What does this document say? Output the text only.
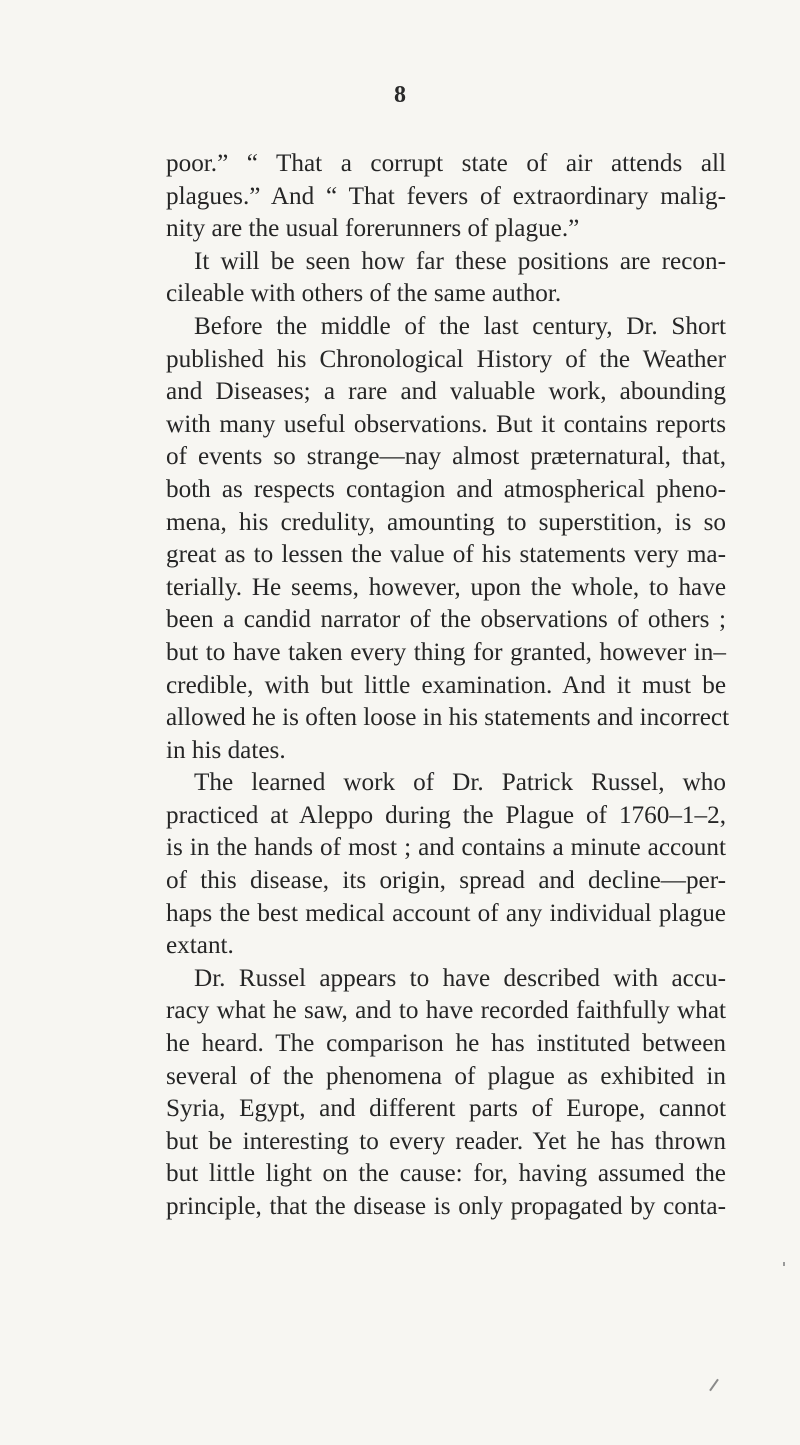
8
poor.” “ That a corrupt state of air attends all
plagues.” And “ That fevers of extraordinary malig-
nity are the usual forerunners of plague.”
It will be seen how far these positions are recon-
cileable with others of the same author.
Before the middle of the last century, Dr. Short
published his Chronological History of the Weather
and Diseases; a rare and valuable work, abounding
with many useful observations. But it contains reports
of events so strange—nay almost præternatural, that,
both as respects contagion and atmospherical pheno-
mena, his credulity, amounting to superstition, is so
great as to lessen the value of his statements very ma-
terially. He seems, however, upon the whole, to have
been a candid narrator of the observations of others ;
but to have taken every thing for granted, however in–
credible, with but little examination. And it must be
allowed he is often loose in his statements and incorrect
in his dates.
The learned work of Dr. Patrick Russel, who
practiced at Aleppo during the Plague of 1760–1–2,
is in the hands of most ; and contains a minute account
of this disease, its origin, spread and decline—per-
haps the best medical account of any individual plague
extant.
Dr. Russel appears to have described with accu-
racy what he saw, and to have recorded faithfully what
he heard. The comparison he has instituted between
several of the phenomena of plague as exhibited in
Syria, Egypt, and different parts of Europe, cannot
but be interesting to every reader. Yet he has thrown
but little light on the cause: for, having assumed the
principle, that the disease is only propagated by conta-
